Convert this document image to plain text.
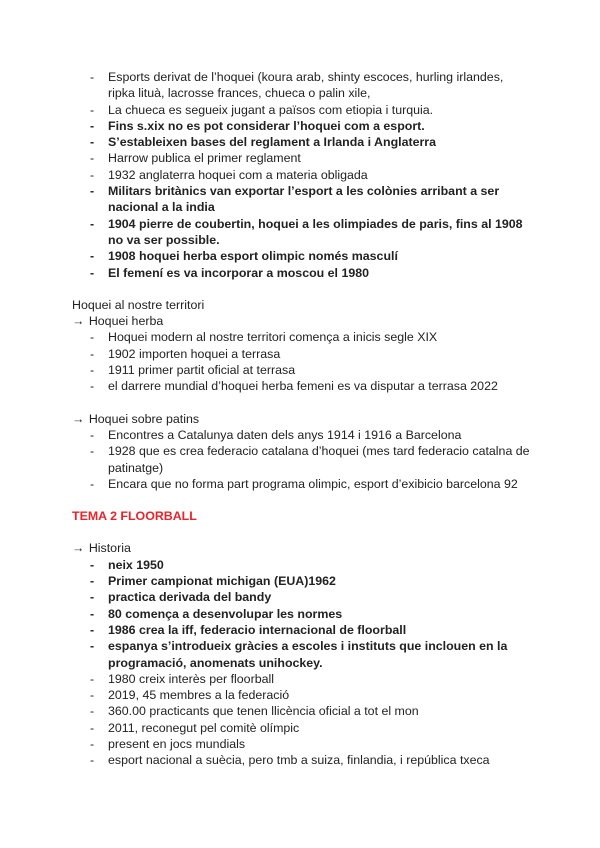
- Esports derivat de l’hoquei (koura arab, shinty escoces, hurling irlandes, ripka lituà, lacrosse frances, chueca o palin xile,
- La chueca es segueix jugant a països com etiopia i turquia.
- Fins s.xix no es pot considerar l’hoquei com a esport.
- S’estableixen bases del reglament a Irlanda i Anglaterra
- Harrow publica el primer reglament
- 1932 anglaterra hoquei com a materia obligada
- Militars britànics van exportar l’esport a les colònies arribant a ser nacional a la india
- 1904 pierre de coubertin, hoquei a les olimpiades de paris, fins al 1908 no va ser possible.
- 1908 hoquei herba esport olimpic només masculí
- El femení es va incorporar a moscou el 1980
Hoquei al nostre territori
→ Hoquei herba
- Hoquei modern al nostre territori comença a inicis segle XIX
- 1902 importen hoquei a terrasa
- 1911 primer partit oficial at terrasa
- el darrere mundial d’hoquei herba femeni es va disputar a terrasa 2022
→ Hoquei sobre patins
- Encontres a Catalunya daten dels anys 1914 i 1916 a Barcelona
- 1928 que es crea federacio catalana d’hoquei (mes tard federacio catalna de patinatge)
- Encara que no forma part programa olimpic, esport d’exibicio barcelona 92
TEMA 2 FLOORBALL
→ Historia
- neix 1950
- Primer campionat michigan (EUA)1962
- practica derivada del bandy
- 80 comença a desenvolupar les normes
- 1986 crea la iff, federacio internacional de floorball
- espanya s’introdueix gràcies a escoles i instituts que inclouen en la programació, anomenats unihockey.
- 1980 creix interès per floorball
- 2019, 45 membres a la federació
- 360.00 practicants que tenen llicència oficial a tot el mon
- 2011, reconegut pel comitè olímpic
- present en jocs mundials
- esport nacional a suècia, pero tmb a suiza, finlandia, i república txeca
